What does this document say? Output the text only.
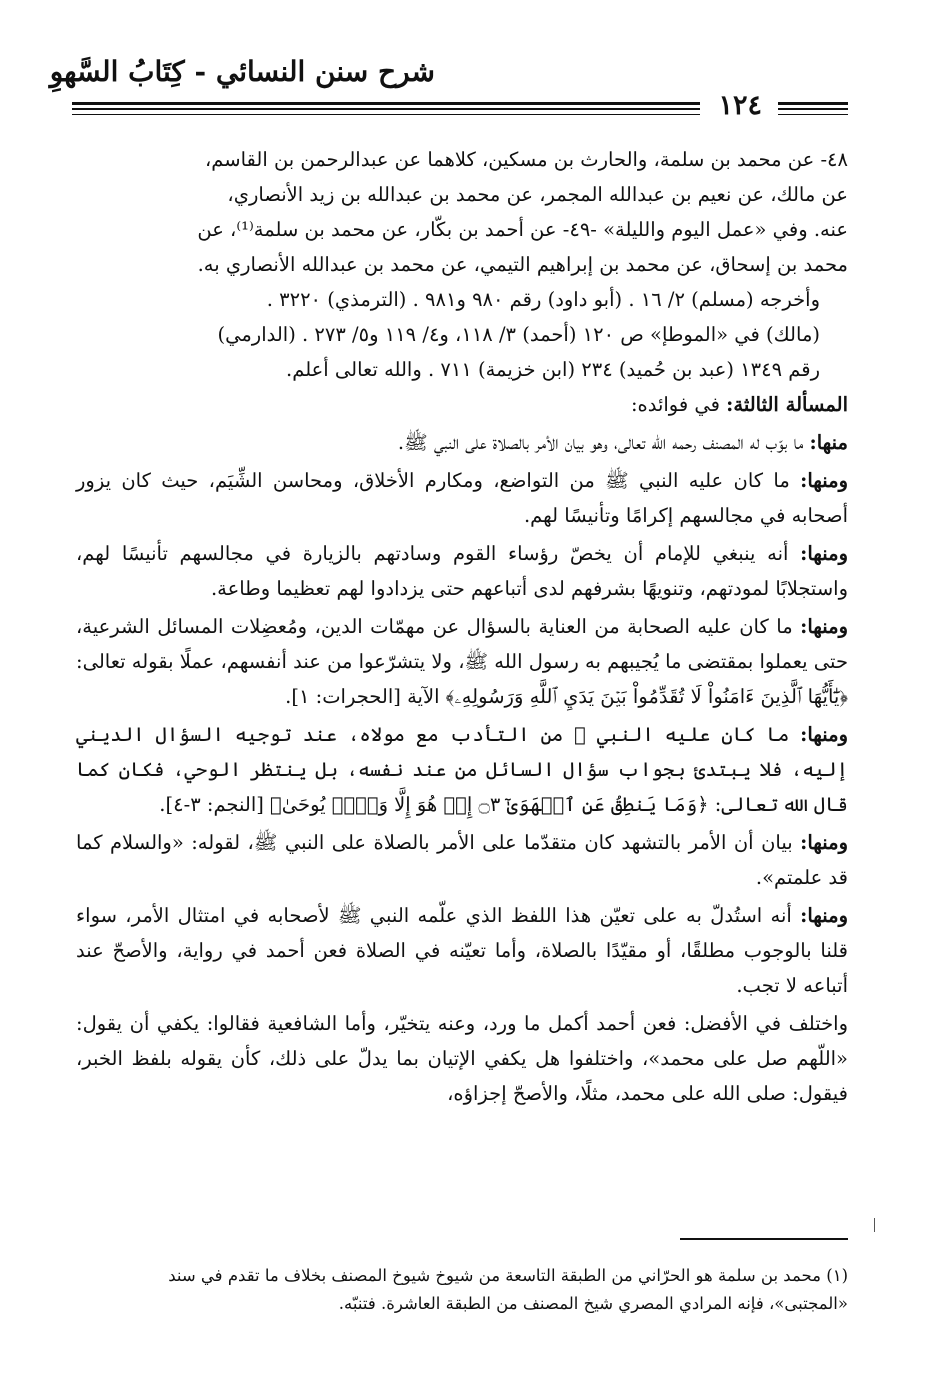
شرح سنن النسائي - كِتَابُ السَّهوِ
١٢٤

٤٨- عن محمد بن سلمة، والحارث بن مسكين، كلاهما عن عبدالرحمن بن القاسم،

عن مالك، عن نعيم بن عبدالله المجمر، عن محمد بن عبدالله بن زيد الأنصاري،

عنه. وفي «عمل اليوم والليلة» -٤٩- عن أحمد بن بكّار، عن محمد بن سلمة⁽¹⁾، عن

محمد بن إسحاق، عن محمد بن إبراهيم التيمي، عن محمد بن عبدالله الأنصاري به.

وأخرجه (مسلم) ٢/ ١٦ . (أبو داود) رقم ٩٨٠ و٩٨١ . (الترمذي) ٣٢٢٠ .

(مالك) في «الموطإ» ص ١٢٠ (أحمد) ٣/ ١١٨، و٤/ ١١٩ و٥/ ٢٧٣ . (الدارمي)

رقم ١٣٤٩ (عبد بن حُميد) ٢٣٤ (ابن خزيمة) ٧١١ . والله تعالى أعلم.

المسألة الثالثة: في فوائده:

منها: ما بوّب له المصنف رحمه الله تعالى، وهو بيان الأمر بالصلاة على النبي ﷺ.

ومنها: ما كان عليه النبي ﷺ من التواضع، ومكارم الأخلاق، ومحاسن الشِّيَم، حيث كان يزور أصحابه في مجالسهم إكرامًا وتأنيسًا لهم.

ومنها: أنه ينبغي للإمام أن يخصّ رؤساء القوم وسادتهم بالزيارة في مجالسهم تأنيسًا لهم، واستجلابًا لمودتهم، وتنويهًا بشرفهم لدى أتباعهم حتى يزدادوا لهم تعظيما وطاعة.

ومنها: ما كان عليه الصحابة من العناية بالسؤال عن مهمّات الدين، ومُعضِلات المسائل الشرعية، حتى يعملوا بمقتضى ما يُجيبهم به رسول الله ﷺ، ولا يتشرّعوا من عند أنفسهم، عملًا بقوله تعالى: ﴿يَٰٓأَيُّهَا ٱلَّذِينَ ءَامَنُواْ لَا تُقَدِّمُواْ بَيۡنَ يَدَيِ ٱللَّهِ وَرَسُولِهِۦ﴾ الآية [الحجرات: ١].

ومنها: ما كان عليه النبي ﷺ من التأدب مع مولاه، عند توجيه السؤال الديني إليه، فلا يبتدئ بجواب سؤال السائل من عند نفسه، بل ينتظر الوحي، فكان كما قال الله تعالى: ﴿وَمَا يَنطِقُ عَنِ ٱلۡهَوَىٰٓ ۝٣ إِنۡ هُوَ إِلَّا وَحۡيٞ يُوحَىٰ﴾ [النجم: ٣-٤].

ومنها: بيان أن الأمر بالتشهد كان متقدّما على الأمر بالصلاة على النبي ﷺ، لقوله: «والسلام كما قد علمتم».

ومنها: أنه استُدلّ به على تعيّن هذا اللفظ الذي علّمه النبي ﷺ لأصحابه في امتثال الأمر، سواء قلنا بالوجوب مطلقًا، أو مقيّدًا بالصلاة، وأما تعيّنه في الصلاة فعن أحمد في رواية، والأصحّ عند أتباعه لا تجب.

واختلف في الأفضل: فعن أحمد أكمل ما ورد، وعنه يتخيّر، وأما الشافعية فقالوا: يكفي أن يقول: «اللّهم صل على محمد»، واختلفوا هل يكفي الإتيان بما يدلّ على ذلك، كأن يقوله بلفظ الخبر، فيقول: صلى الله على محمد، مثلًا، والأصحّ إجزاؤه،

(١) محمد بن سلمة هو الحرّاني من الطبقة التاسعة من شيوخ شيوخ المصنف بخلاف ما تقدم في سند

«المجتبى»، فإنه المرادي المصري شيخ المصنف من الطبقة العاشرة. فتنبّه.
